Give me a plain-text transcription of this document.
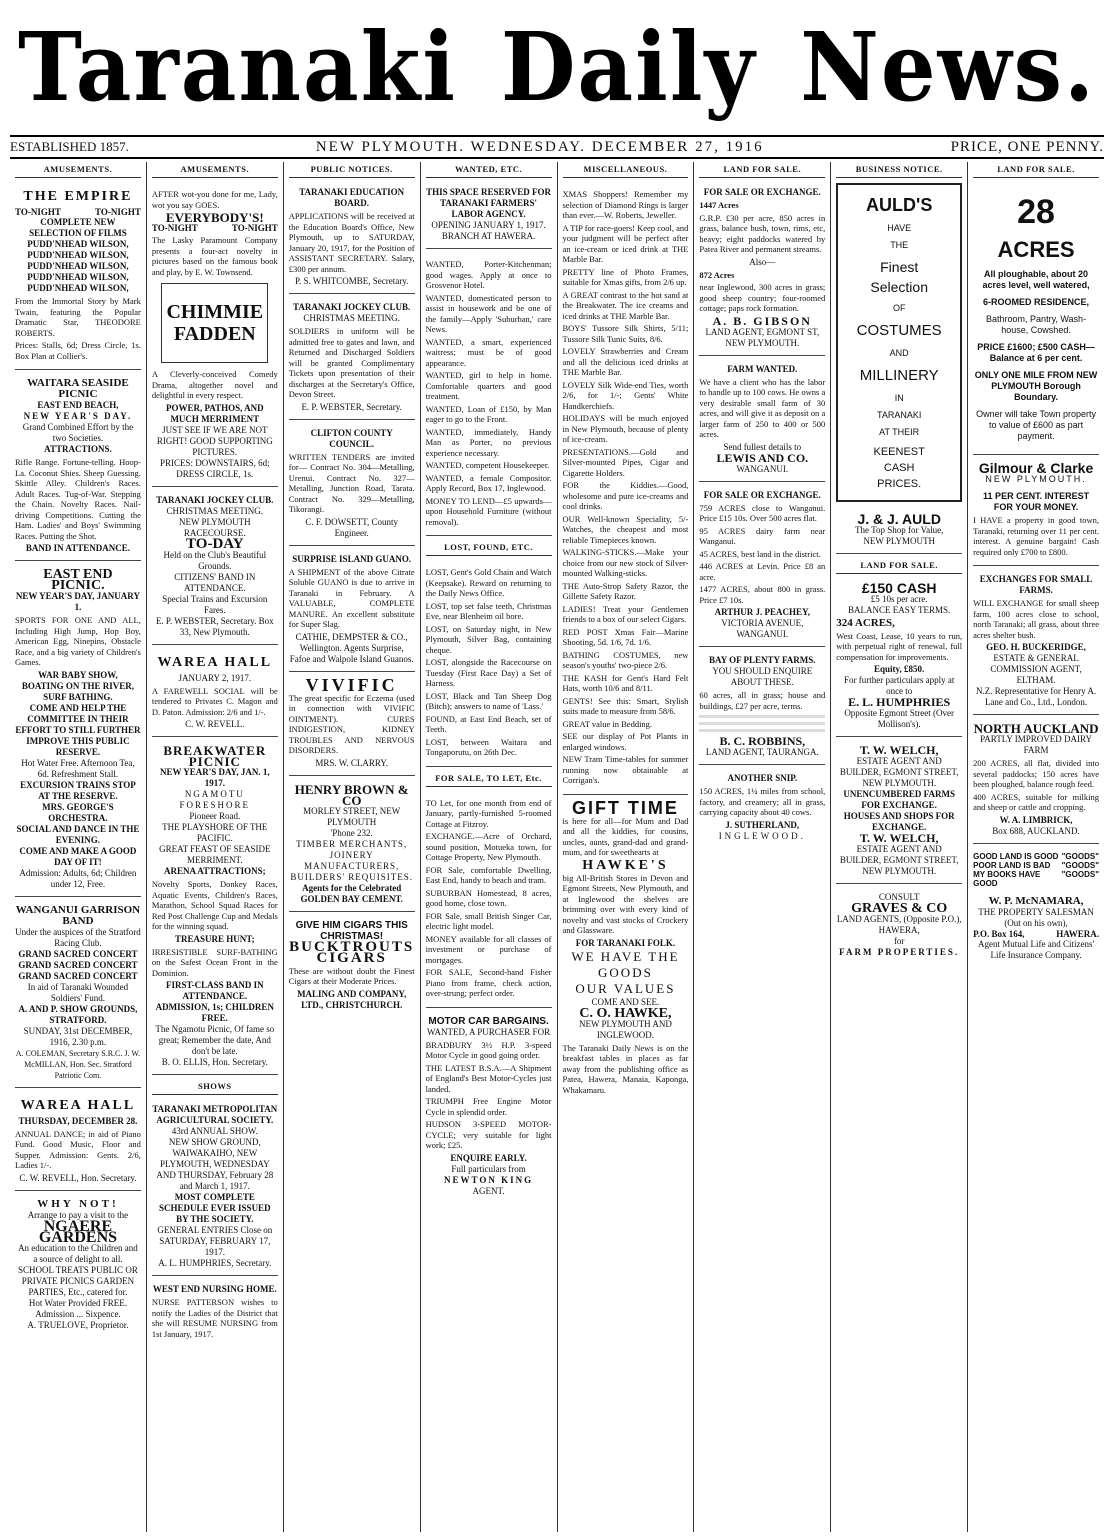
Taranaki Daily News.
ESTABLISHED 1857.	NEW PLYMOUTH. WEDNESDAY. DECEMBER 27, 1916	PRICE, ONE PENNY.
AMUSEMENTS.
THE EMPIRE
TO-NIGHT	TO-NIGHT
COMPLETE NEW SELECTION OF FILMS
PUDD'NHEAD WILSON,
PUDD'NHEAD WILSON,
PUDD'NHEAD WILSON,
PUDD'NHEAD WILSON,
PUDD'NHEAD WILSON,
From the Immortal Story by Mark Twain, featuring the Popular Dramatic Star, THEODORE ROBERTS.
Prices: Stalls, 6d; Dress Circle, 1s. Box Plan at Collier's.
WAITARA SEASIDE PICNIC
EAST END BEACH,
NEW YEAR'S DAY.
Grand Combined Effort by the two Societies.
ATTRACTIONS.
Rifle Range. Fortune-telling. Hoop-La. Coconut Shies. Sheep Guessing. Skittle Alley. Children's Races. Adult Races. Tug-of-War. Stepping the Chain. Novelty Races. Nail-driving Competitions. Cutting the Ham. Ladies' and Boys' Swimming Races. Putting the Shot.
BAND IN ATTENDANCE.
EAST END PICNIC.
NEW YEAR'S DAY, JANUARY 1.
SPORTS FOR ONE AND ALL, Including High Jump, Hop Boy, American Egg, Ninepins, Obstacle Race, and a big variety of Children's Games.
WAR BABY SHOW,
BOATING ON THE RIVER, SURF BATHING.
COME AND HELP THE COMMITTEE IN THEIR EFFORT TO STILL FURTHER IMPROVE THIS PUBLIC RESERVE.
Hot Water Free. Afternoon Tea, 6d. Refreshment Stall.
EXCURSION TRAINS STOP AT THE RESERVE.
MRS. GEORGE'S ORCHESTRA.
SOCIAL AND DANCE IN THE EVENING.
COME AND MAKE A GOOD DAY OF IT!
Admission: Adults, 6d; Children under 12, Free.
WANGANUI GARRISON BAND
Under the auspices of the Stratford Racing Club.
GRAND SACRED CONCERT
GRAND SACRED CONCERT
GRAND SACRED CONCERT
In aid of Taranaki Wounded Soldiers' Fund.
A. AND P. SHOW GROUNDS, STRATFORD.
SUNDAY, 31st DECEMBER, 1916, 2.30 p.m.
A. COLEMAN, Secretary S.R.C. J. W. McMILLAN, Hon. Sec. Stratford Patriotic Com.
WAREA HALL
THURSDAY, DECEMBER 28.
ANNUAL DANCE; in aid of Piano Fund. Good Music, Floor and Supper. Admission: Gents. 2/6, Ladies 1/-.
C. W. REVELL, Hon. Secretary.
WHY NOT!
Arrange to pay a visit to the
NGAERE GARDENS
An education to the Children and a source of delight to all.
SCHOOL TREATS PUBLIC OR PRIVATE PICNICS GARDEN PARTIES, Etc., catered for.
Hot Water Provided FREE.
Admission ... Sixpence.
A. TRUELOVE, Proprietor.
AMUSEMENTS.
AFTER wot-you done for me, Lady, wot you say GOES.
EVERYBODY'S!
TO-NIGHT	TO-NIGHT
The Lasky Paramount Company presents a four-act novelty in pictures based on the famous book and play, by E. W. Townsend.
CHIMMIE FADDEN
A Cleverly-conceived Comedy Drama, altogether novel and delightful in every respect.
POWER, PATHOS, AND MUCH MERRIMENT
JUST SEE IF WE ARE NOT RIGHT! GOOD SUPPORTING PICTURES.
PRICES: DOWNSTAIRS, 6d; DRESS CIRCLE, 1s.
TARANAKI JOCKEY CLUB.
CHRISTMAS MEETING.
NEW PLYMOUTH RACECOURSE.
TO-DAY
Held on the Club's Beautiful Grounds.
CITIZENS' BAND IN ATTENDANCE.
Special Trains and Excursion Fares.
E. P. WEBSTER, Secretary. Box 33, New Plymouth.
WAREA HALL
JANUARY 2, 1917.
A FAREWELL SOCIAL will be tendered to Privates C. Magon and D. Paton. Admission: 2/6 and 1/-.
C. W. REVELL.
BREAKWATER PICNIC
NEW YEAR'S DAY, JAN. 1, 1917.
NGAMOTU FORESHORE
Pioneer Road.
THE PLAYSHORE OF THE PACIFIC.
GREAT FEAST OF SEASIDE MERRIMENT.
ARENA ATTRACTIONS;
Novelty Sports, Donkey Races, Aquatic Events, Children's Races, Marathon, School Squad Races for Red Post Challenge Cup and Medals for the winning squad.
TREASURE HUNT;
IRRESISTIBLE SURF-BATHING on the Safest Ocean Front in the Dominion.
FIRST-CLASS BAND IN ATTENDANCE.
ADMISSION, 1s; CHILDREN FREE.
The Ngamotu Picnic, Of fame so great; Remember the date, And don't be late.
B. O. ELLIS, Hon. Secretary.
SHOWS
TARANAKI METROPOLITAN AGRICULTURAL SOCIETY.
43rd ANNUAL SHOW.
NEW SHOW GROUND, WAIWAKAIHO, NEW PLYMOUTH, WEDNESDAY AND THURSDAY, February 28 and March 1, 1917.
MOST COMPLETE SCHEDULE EVER ISSUED BY THE SOCIETY.
GENERAL ENTRIES Close on SATURDAY, FEBRUARY 17, 1917.
A. L. HUMPHRIES, Secretary.
WEST END NURSING HOME.
NURSE PATTERSON wishes to notify the Ladies of the District that she will RESUME NURSING from 1st January, 1917.
PUBLIC NOTICES.
TARANAKI EDUCATION BOARD.
APPLICATIONS will be received at the Education Board's Office, New Plymouth, up to SATURDAY, January 20, 1917, for the Position of ASSISTANT SECRETARY. Salary, £300 per annum.
P. S. WHITCOMBE, Secretary.
TARANAKI JOCKEY CLUB.
CHRISTMAS MEETING.
SOLDIERS in uniform will be admitted free to gates and lawn, and Returned and Discharged Soldiers will be granted Complimentary Tickets upon presentation of their discharges at the Secretary's Office, Devon Street.
E. P. WEBSTER, Secretary.
CLIFTON COUNTY COUNCIL.
WRITTEN TENDERS are invited for— Contract No. 304—Metalling, Urenui. Contract No. 327—Metalling, Junction Road, Tarata. Contract No. 329—Metalling, Tikorangi.
C. F. DOWSETT, County Engineer.
SURPRISE ISLAND GUANO.
A SHIPMENT of the above Citrate Soluble GUANO is due to arrive in Taranaki in February. A VALUABLE, COMPLETE MANURE. An excellent substitute for Super Slag.
CATHIE, DEMPSTER & CO., Wellington. Agents Surprise, Fafoe and Walpole Island Guanos.
VIVIFIC
The great specific for Eczema (used in connection with VIVIFIC OINTMENT). CURES INDIGESTION, KIDNEY TROUBLES AND NERVOUS DISORDERS.
MRS. W. CLARRY.
HENRY BROWN & CO
MORLEY STREET, NEW PLYMOUTH
'Phone 232.
TIMBER MERCHANTS, JOINERY MANUFACTURERS, BUILDERS' REQUISITES.
Agents for the Celebrated GOLDEN BAY CEMENT.
GIVE HIM CIGARS THIS CHRISTMAS!
BUCKTROUTS CIGARS
These are without doubt the Finest Cigars at their Moderate Prices.
MALING AND COMPANY, LTD., CHRISTCHURCH.
WANTED, ETC.
THIS SPACE RESERVED FOR TARANAKI FARMERS' LABOR AGENCY.
OPENING JANUARY 1, 1917.
BRANCH AT HAWERA.
WANTED, Porter-Kitchenman; good wages. Apply at once to Grosvenor Hotel.
WANTED, domesticated person to assist in housework and be one of the family—Apply 'Suburban,' care News.
WANTED, a smart, experienced waitress; must be of good appearance.
WANTED, girl to help in home. Comfortable quarters and good treatment.
WANTED, Loan of £150, by Man eager to go to the Front.
WANTED, immediately, Handy Man as Porter, no previous experience necessary.
WANTED, competent Housekeeper.
WANTED, a female Compositor. Apply Record, Box 17, Inglewood.
MONEY TO LEND—£5 upwards—upon Household Furniture (without removal).
LOST, FOUND, ETC.
LOST, Gent's Gold Chain and Watch (Keepsake). Reward on returning to the Daily News Office.
LOST, top set false teeth, Christmas Eve, near Blenheim oil bore.
LOST, on Saturday night, in New Plymouth, Silver Bag, containing cheque.
LOST, alongside the Racecourse on Tuesday (First Race Day) a Set of Harness.
LOST, Black and Tan Sheep Dog (Bitch); answers to name of 'Lass.'
FOUND, at East End Beach, set of Teeth.
LOST, between Waitara and Tongaporutu, on 26th Dec.
FOR SALE, TO LET, Etc.
TO Let, for one month from end of January, partly-furnished 5-roomed Cottage at Fitzroy.
EXCHANGE.—Acre of Orchard, sound position, Motueka town, for Cottage Property, New Plymouth.
FOR Sale, comfortable Dwelling, East End, handy to beach and tram.
SUBURBAN Homestead, 8 acres, good home, close town.
FOR Sale, small British Singer Car, electric light model.
MONEY available for all classes of investment or purchase of mortgages.
FOR SALE, Second-hand Fisher Piano from frame, check action, over-strung; perfect order.
MOTOR CAR BARGAINS.
WANTED, A PURCHASER FOR
BRADBURY 3½ H.P. 3-speed Motor Cycle in good going order.
THE LATEST B.S.A.—A Shipment of England's Best Motor-Cycles just landed.
TRIUMPH Free Engine Motor Cycle in splendid order.
HUDSON 3-SPEED MOTOR-CYCLE; very suitable for light work; £25.
ENQUIRE EARLY.
Full particulars from
NEWTON KING
AGENT.
MISCELLANEOUS.
XMAS Shoppers! Remember my selection of Diamond Rings is larger than ever.—W. Roberts, Jeweller.
A TIP for race-goers! Keep cool, and your judgment will be perfect after an ice-cream or iced drink at THE Marble Bar.
PRETTY line of Photo Frames, suitable for Xmas gifts, from 2/6 up.
A GREAT contrast to the hot sand at the Breakwater. The ice creams and iced drinks at THE Marble Bar.
BOYS' Tussore Silk Shirts, 5/11; Tussore Silk Tunic Suits, 8/6.
LOVELY Strawberries and Cream and all the delicious iced drinks at THE Marble Bar.
LOVELY Silk Wide-end Ties, worth 2/6, for 1/-; Gents' White Handkerchiefs.
HOLIDAYS will be much enjoyed in New Plymouth, because of plenty of ice-cream.
PRESENTATIONS.—Gold and Silver-mounted Pipes, Cigar and Cigarette Holders.
FOR the Kiddies.—Good, wholesome and pure ice-creams and cool drinks.
OUR Well-known Speciality, 5/- Watches, the cheapest and most reliable Timepieces known.
WALKING-STICKS.—Make your choice from our new stock of Silver-mounted Walking-sticks.
THE Auto-Strop Safety Razor, the Gillette Safety Razor.
LADIES! Treat your Gentlemen friends to a box of our select Cigars.
RED POST Xmas Fair—Marine Shooting, 5d. 1/6, 7d. 1/6.
BATHING COSTUMES, new season's youths' two-piece 2/6.
THE KASH for Gent's Hard Felt Hats, worth 10/6 and 8/11.
GENTS! See this: Smart, Stylish suits made to measure from 58/6.
GREAT value in Bedding.
SEE our display of Pot Plants in enlarged windows.
NEW Tram Time-tables for summer running now obtainable at Corrigan's.
GIFT TIME
is here for all—for Mum and Dad and all the kiddies, for cousins, uncles, aunts, grand-dad and grand-mum, and for sweethearts at
HAWKE'S
big All-British Stores in Devon and Egmont Streets, New Plymouth, and at Inglewood the shelves are brimming over with every kind of novelty and vast stocks of Crockery and Glassware.
FOR TARANAKI FOLK.
WE HAVE THE GOODS
OUR VALUES
COME AND SEE.
C. O. HAWKE,
NEW PLYMOUTH AND INGLEWOOD.
The Taranaki Daily News is on the breakfast tables in places as far away from the publishing office as Patea, Hawera, Manaia, Kaponga, Whakamaru.
LAND FOR SALE.
FOR SALE OR EXCHANGE.
1447 Acres
G.R.P. £30 per acre, 850 acres in grass, balance bush, town, rims, etc, heavy; eight paddocks watered by Patea River and permanent streams.
Also—
872 Acres
near Inglewood, 300 acres in grass; good sheep country; four-roomed cottage; paps rock formation.
A. B. GIBSON
LAND AGENT, EGMONT ST, NEW PLYMOUTH.
FARM WANTED.
We have a client who has the labor to handle up to 100 cows. He owns a very desirable small farm of 30 acres, and will give it as deposit on a larger farm of 250 to 400 or 500 acres.
Send fullest details to
LEWIS AND CO.
WANGANUI.
FOR SALE OR EXCHANGE.
759 ACRES close to Wanganui. Price £15 10s. Over 500 acres flat.
95 ACRES dairy farm near Wanganui.
45 ACRES, best land in the district.
446 ACRES at Levin. Price £8 an acre.
1477 ACRES, about 800 in grass. Price £7 10s.
ARTHUR J. PEACHEY,
VICTORIA AVENUE, WANGANUI.
BAY OF PLENTY FARMS.
YOU SHOULD ENQUIRE ABOUT THESE.
60 acres, all in grass; house and buildings, £27 per acre, terms.
B. C. ROBBINS,
LAND AGENT, TAURANGA.
ANOTHER SNIP.
150 ACRES, 1¼ miles from school, factory, and creamery; all in grass, carrying capacity about 40 cows.
J. SUTHERLAND,
INGLEWOOD.
BUSINESS NOTICE.
AULD'S
HAVE
THE
Finest
Selection
OF
COSTUMES
AND
MILLINERY
IN
TARANAKI
AT THEIR
KEENEST
CASH
PRICES.
J. & J. AULD
The Top Shop for Value,
NEW PLYMOUTH
LAND FOR SALE.
£150 CASH
£5 10s per acre.
BALANCE EASY TERMS.
324 ACRES,
West Coast, Lease, 10 years to run, with perpetual right of renewal, full compensation for improvements.
Equity, £850.
For further particulars apply at once to
E. L. HUMPHRIES
Opposite Egmont Street (Over Mollison's).
T. W. WELCH,
ESTATE AGENT AND BUILDER, EGMONT STREET, NEW PLYMOUTH.
UNENCUMBERED FARMS FOR EXCHANGE.
HOUSES AND SHOPS FOR EXCHANGE.
T. W. WELCH,
ESTATE AGENT AND BUILDER, EGMONT STREET, NEW PLYMOUTH.
CONSULT
GRAVES & CO
LAND AGENTS, (Opposite P.O.),
HAWERA,
for
FARM PROPERTIES.
LAND FOR SALE.
28
ACRES
All ploughable, about 20 acres level, well watered,
6-ROOMED RESIDENCE,
Bathroom, Pantry, Wash-house, Cowshed.
PRICE £1600; £500 CASH— Balance at 6 per cent.
ONLY ONE MILE FROM NEW PLYMOUTH Borough Boundary.
Owner will take Town property to value of £600 as part payment.
Gilmour & Clarke
NEW PLYMOUTH.
11 PER CENT. INTEREST FOR YOUR MONEY.
I HAVE a property in good town, Taranaki, returning over 11 per cent. interest. A genuine bargain! Cash required only £700 to £800.
EXCHANGES FOR SMALL FARMS.
WILL EXCHANGE for small sheep farm, 100 acres close to school, north Taranaki; all grass, about three acres shelter bush.
GEO. H. BUCKERIDGE,
ESTATE & GENERAL COMMISSION AGENT,
ELTHAM.
N.Z. Representative for Henry A. Lane and Co., Ltd., London.
NORTH AUCKLAND
PARTLY IMPROVED DAIRY FARM
200 ACRES, all flat, divided into several paddocks; 150 acres have been ploughed, balance rough feed.
400 ACRES, suitable for milking and sheep or cattle and cropping.
W. A. LIMBRICK,
Box 688, AUCKLAND.
GOOD LAND IS GOOD "GOODS"
POOR LAND IS BAD "GOODS"
MY BOOKS HAVE GOOD
"GOODS"
W. P. McNAMARA,
THE PROPERTY SALESMAN (Out on his own),
P.O. Box 164,	HAWERA.
Agent Mutual Life and Citizens' Life Insurance Company.
